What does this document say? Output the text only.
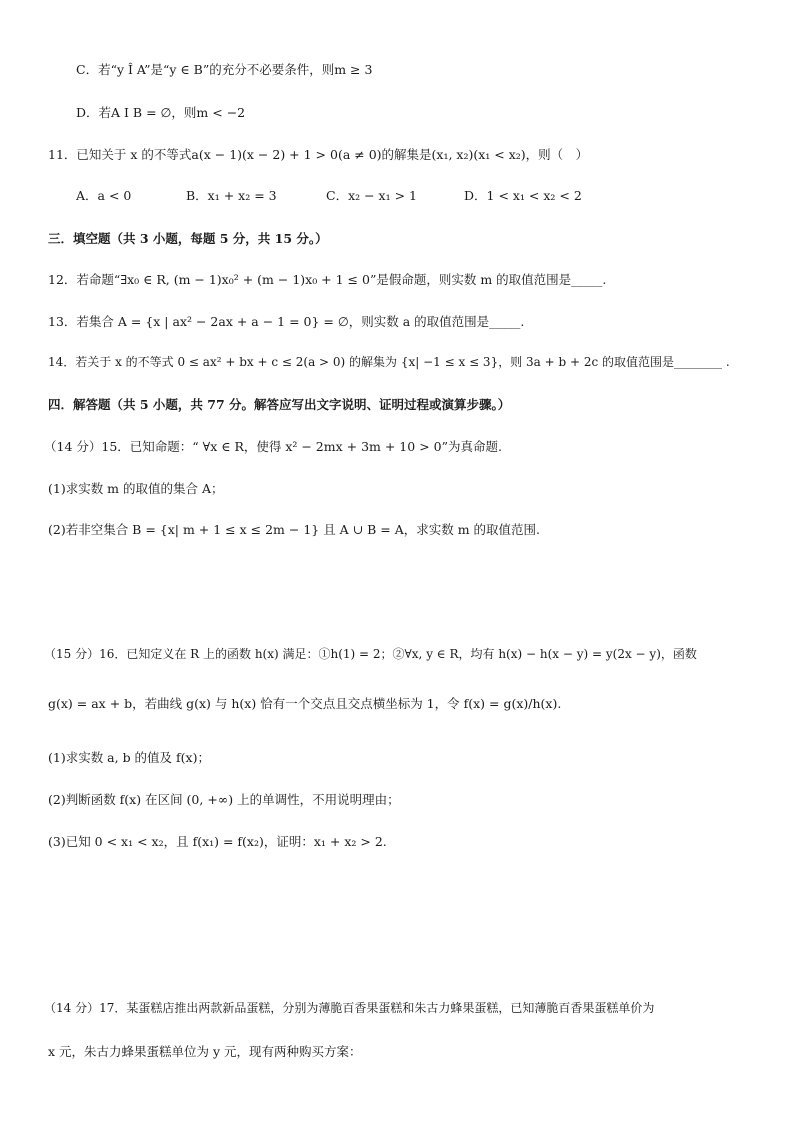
C．若“y Î A”是“y ∈ B”的充分不必要条件，则m ≥ 3
D．若A I B = ∅，则m < −2
11．已知关于 x 的不等式a(x − 1)(x − 2) + 1 > 0(a ≠ 0)的解集是(x₁, x₂)(x₁ < x₂)，则（　）
A．a < 0	B．x₁ + x₂ = 3	C．x₂ − x₁ > 1	D．1 < x₁ < x₂ < 2
三．填空题（共 3 小题，每题 5 分，共 15 分。）
12．若命题“∃x₀ ∈ R, (m − 1)x₀² + (m − 1)x₀ + 1 ≤ 0”是假命题，则实数 m 的取值范围是_____.
13．若集合 A = {x | ax² − 2ax + a − 1 = 0} = ∅，则实数 a 的取值范围是_____.
14．若关于 x 的不等式 0 ≤ ax² + bx + c ≤ 2(a > 0) 的解集为 {x| −1 ≤ x ≤ 3}，则 3a + b + 2c 的取值范围是________ .
四．解答题（共 5 小题，共 77 分。解答应写出文字说明、证明过程或演算步骤。）
（14 分）15．已知命题：“ ∀x ∈ R，使得 x² − 2mx + 3m + 10 > 0”为真命题.
(1)求实数 m 的取值的集合 A；
(2)若非空集合 B = {x| m + 1 ≤ x ≤ 2m − 1} 且 A ∪ B = A，求实数 m 的取值范围.
（15 分）16．已知定义在 R 上的函数 h(x) 满足：①h(1) = 2；②∀x, y ∈ R，均有 h(x) − h(x − y) = y(2x − y)，函数
g(x) = ax + b，若曲线 g(x) 与 h(x) 恰有一个交点且交点横坐标为 1，令 f(x) = g(x)/h(x).
(1)求实数 a, b 的值及 f(x)；
(2)判断函数 f(x) 在区间 (0, +∞) 上的单调性，不用说明理由；
(3)已知 0 < x₁ < x₂，且 f(x₁) = f(x₂)，证明：x₁ + x₂ > 2.
（14 分）17．某蛋糕店推出两款新品蛋糕，分别为薄脆百香果蛋糕和朱古力蜂果蛋糕，已知薄脆百香果蛋糕单价为
x 元，朱古力蜂果蛋糕单位为 y 元，现有两种购买方案：
